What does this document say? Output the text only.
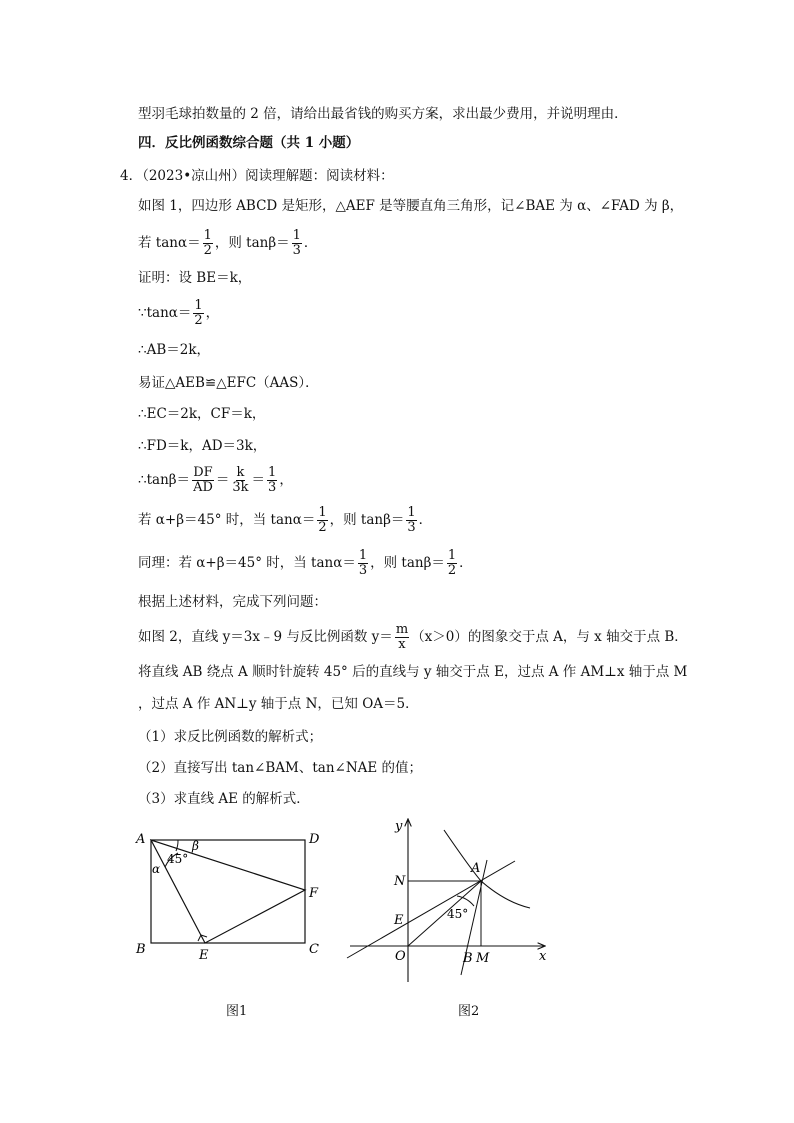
型羽毛球拍数量的 2 倍，请给出最省钱的购买方案，求出最少费用，并说明理由．
四．反比例函数综合题（共 1 小题）
4．（2023•凉山州）阅读理解题：阅读材料：
如图 1，四边形 ABCD 是矩形，△AEF 是等腰直角三角形，记∠BAE 为 α、∠FAD 为 β，
若 $\tan\alpha= \frac{1}{2}$ ，则 $\tan\beta= \frac{1}{3}$ ．
证明：设 BE＝k，
∵tanα＝ $\frac{1}{2}$ ，
∴AB＝2k，
易证△AEB≌△EFC（AAS）．
∴EC＝2k，CF＝k，
∴FD＝k，AD＝3k，
∴tanβ＝ $\frac{DF}{AD} = \frac{k}{3k} = \frac{1}{3}$ ，
若 α+β＝45° 时，当 $\tan\alpha= \frac{1}{2}$ ，则 $\tan\beta= \frac{1}{3}$ ．
同理：若 α+β＝45° 时，当 $\tan\alpha= \frac{1}{3}$ ，则 $\tan\beta= \frac{1}{2}$ ．
根据上述材料，完成下列问题：
如图 2，直线 y＝3x﹣9 与反比例函数 $y= \frac{m}{x} (x>0)$的图象交于点 A，与 x 轴交于点 B．
将直线 AB 绕点 A 顺时针旋转 45° 后的直线与 y 轴交于点 E，过点 A 作 AM⊥x 轴于点 M
，过点 A 作 AN⊥y 轴于点 N，已知 OA＝5．
（1）求反比例函数的解析式；
（2）直接写出 tan∠BAM、tan∠NAE 的值；
（3）求直线 AE 的解析式．
A	D
B	C
E
F
45°
α
β
图1
y
x
O
N
E
A
B M
45°
图2
